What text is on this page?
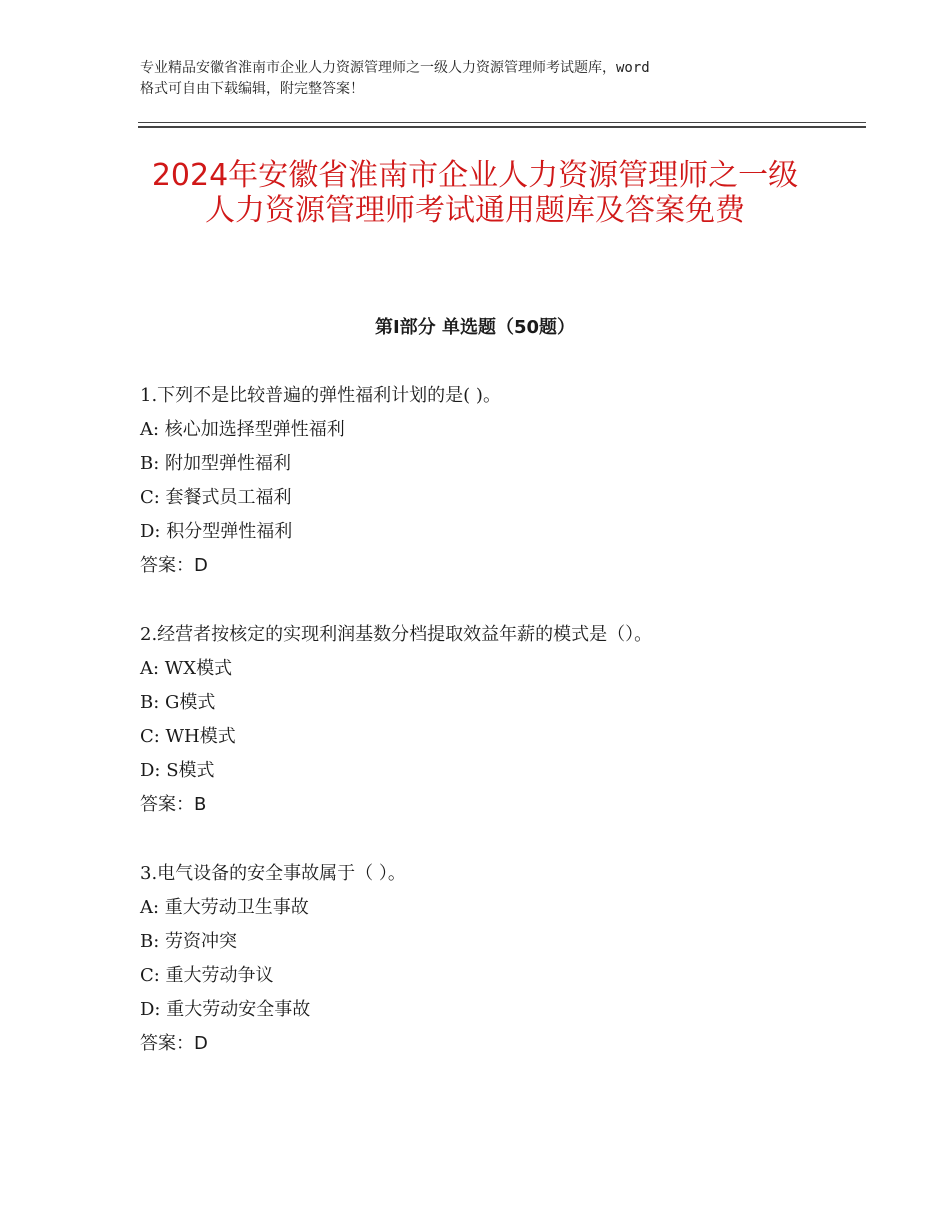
专业精品安徽省淮南市企业人力资源管理师之一级人力资源管理师考试题库，word
格式可自由下载编辑，附完整答案！
2024年安徽省淮南市企业人力资源管理师之一级人力资源管理师考试通用题库及答案免费
第Ⅰ部分 单选题（50题）
1.下列不是比较普遍的弹性福利计划的是( )。
A: 核心加选择型弹性福利
B: 附加型弹性福利
C: 套餐式员工福利
D: 积分型弹性福利
答案：D
2.经营者按核定的实现利润基数分档提取效益年薪的模式是（）。
A: WX模式
B: G模式
C: WH模式
D: S模式
答案：B
3.电气设备的安全事故属于（ ）。
A: 重大劳动卫生事故
B: 劳资冲突
C: 重大劳动争议
D: 重大劳动安全事故
答案：D
